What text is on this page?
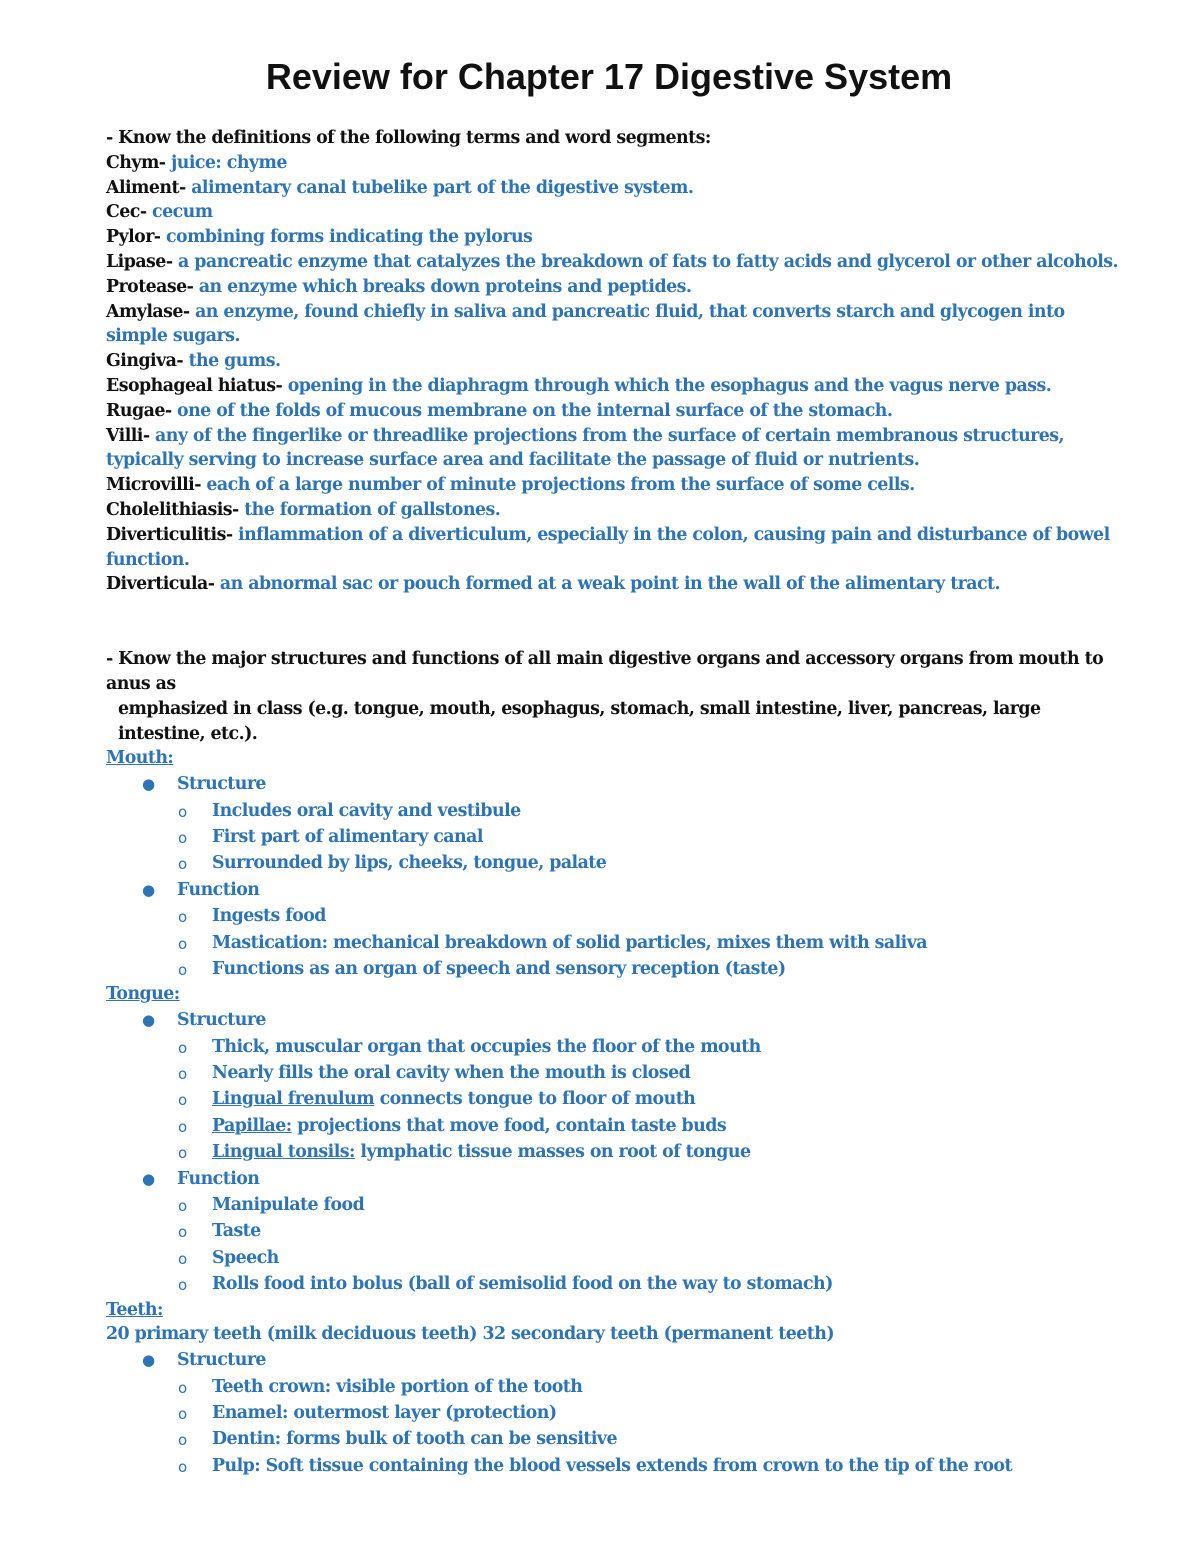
Review for Chapter 17 Digestive System

- Know the definitions of the following terms and word segments:

Chym- juice: chyme

Aliment- alimentary canal tubelike part of the digestive system.

Cec- cecum

Pylor- combining forms indicating the pylorus

Lipase- a pancreatic enzyme that catalyzes the breakdown of fats to fatty acids and glycerol or other alcohols.

Protease- an enzyme which breaks down proteins and peptides.

Amylase- an enzyme, found chiefly in saliva and pancreatic fluid, that converts starch and glycogen into simple sugars.

Gingiva- the gums.

Esophageal hiatus- opening in the diaphragm through which the esophagus and the vagus nerve pass.

Rugae- one of the folds of mucous membrane on the internal surface of the stomach.

Villi- any of the fingerlike or threadlike projections from the surface of certain membranous structures, typically serving to increase surface area and facilitate the passage of fluid or nutrients.

Microvilli- each of a large number of minute projections from the surface of some cells.

Cholelithiasis- the formation of gallstones.

Diverticulitis- inflammation of a diverticulum, especially in the colon, causing pain and disturbance of bowel function.

Diverticula- an abnormal sac or pouch formed at a weak point in the wall of the alimentary tract.

- Know the major structures and functions of all main digestive organs and accessory organs from mouth to anus as

emphasized in class (e.g. tongue, mouth, esophagus, stomach, small intestine, liver, pancreas, large intestine, etc.).

Mouth:
● Structure
o Includes oral cavity and vestibule
o First part of alimentary canal
o Surrounded by lips, cheeks, tongue, palate
● Function
o Ingests food
o Mastication: mechanical breakdown of solid particles, mixes them with saliva
o Functions as an organ of speech and sensory reception (taste)
Tongue:
● Structure
o Thick, muscular organ that occupies the floor of the mouth
o Nearly fills the oral cavity when the mouth is closed
o Lingual frenulum connects tongue to floor of mouth
o Papillae: projections that move food, contain taste buds
o Lingual tonsils: lymphatic tissue masses on root of tongue
● Function
o Manipulate food
o Taste
o Speech
o Rolls food into bolus (ball of semisolid food on the way to stomach)
Teeth:

20 primary teeth (milk deciduous teeth) 32 secondary teeth (permanent teeth)

● Structure
o Teeth crown: visible portion of the tooth
o Enamel: outermost layer (protection)
o Dentin: forms bulk of tooth can be sensitive
o Pulp: Soft tissue containing the blood vessels extends from crown to the tip of the root
